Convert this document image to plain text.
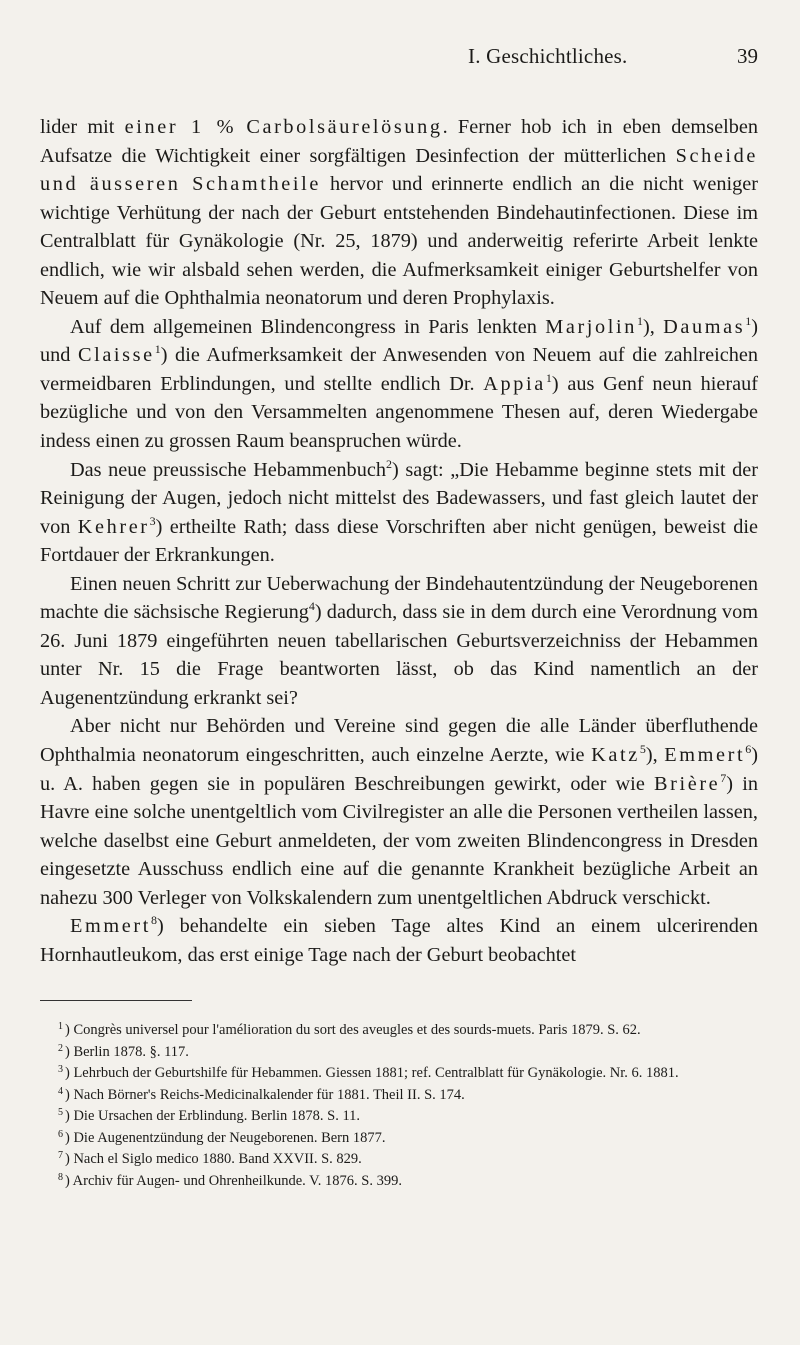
I. Geschichtliches.	39

lider mit einer 1 % Carbolsäurelösung. Ferner hob ich in eben demselben Aufsatze die Wichtigkeit einer sorgfältigen Desinfection der mütterlichen Scheide und äusseren Schamtheile hervor und erinnerte endlich an die nicht weniger wichtige Verhütung der nach der Geburt entstehenden Bindehautinfectionen. Diese im Centralblatt für Gynäkologie (Nr. 25, 1879) und anderweitig referirte Arbeit lenkte endlich, wie wir alsbald sehen werden, die Aufmerksamkeit einiger Geburtshelfer von Neuem auf die Ophthalmia neonatorum und deren Prophylaxis.

Auf dem allgemeinen Blindencongress in Paris lenkten Marjolin$^1$), Daumas$^1$) und Claisse$^1$) die Aufmerksamkeit der Anwesenden von Neuem auf die zahlreichen vermeidbaren Erblindungen, und stellte endlich Dr. Appia$^1$) aus Genf neun hierauf bezügliche und von den Versammelten angenommene Thesen auf, deren Wiedergabe indess einen zu grossen Raum beanspruchen würde.

Das neue preussische Hebammenbuch$^2$) sagt: „Die Hebamme beginne stets mit der Reinigung der Augen, jedoch nicht mittelst des Badewassers, und fast gleich lautet der von Kehrer$^3$) ertheilte Rath; dass diese Vorschriften aber nicht genügen, beweist die Fortdauer der Erkrankungen.

Einen neuen Schritt zur Ueberwachung der Bindehautentzündung der Neugeborenen machte die sächsische Regierung$^4$) dadurch, dass sie in dem durch eine Verordnung vom 26. Juni 1879 eingeführten neuen tabellarischen Geburtsverzeichniss der Hebammen unter Nr. 15 die Frage beantworten lässt, ob das Kind namentlich an der Augenentzündung erkrankt sei?

Aber nicht nur Behörden und Vereine sind gegen die alle Länder überfluthende Ophthalmia neonatorum eingeschritten, auch einzelne Aerzte, wie Katz$^5$), Emmert$^6$) u. A. haben gegen sie in populären Beschreibungen gewirkt, oder wie Brière$^7$) in Havre eine solche unentgeltlich vom Civilregister an alle die Personen vertheilen lassen, welche daselbst eine Geburt anmeldeten, der vom zweiten Blindencongress in Dresden eingesetzte Ausschuss endlich eine auf die genannte Krankheit bezügliche Arbeit an nahezu 300 Verleger von Volkskalendern zum unentgeltlichen Abdruck verschickt.

Emmert$^8$) behandelte ein sieben Tage altes Kind an einem ulcerirenden Hornhautleukom, das erst einige Tage nach der Geburt beobachtet

$^1$ ) Congrès universel pour l'amélioration du sort des aveugles et des sourds-muets. Paris 1879. S. 62.

$^2$ ) Berlin 1878. §. 117.

$^3$ ) Lehrbuch der Geburtshilfe für Hebammen. Giessen 1881; ref. Centralblatt für Gynäkologie. Nr. 6. 1881.

$^4$ ) Nach Börner's Reichs-Medicinalkalender für 1881. Theil II. S. 174.

$^5$ ) Die Ursachen der Erblindung. Berlin 1878. S. 11.

$^6$ ) Die Augenentzündung der Neugeborenen. Bern 1877.

$^7$ ) Nach el Siglo medico 1880. Band XXVII. S. 829.

$^8$ ) Archiv für Augen- und Ohrenheilkunde. V. 1876. S. 399.
